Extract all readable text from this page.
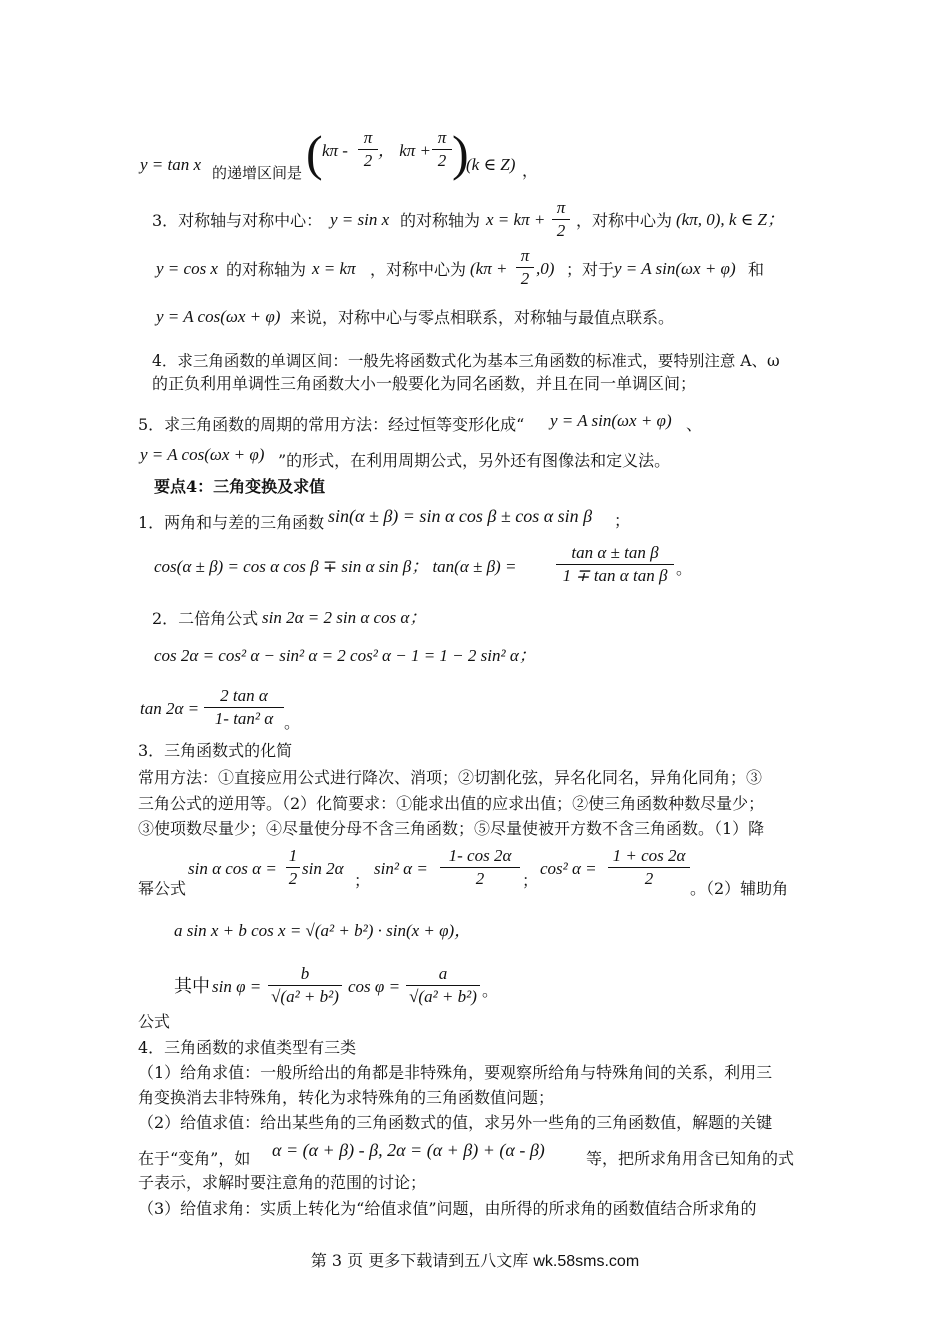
y = tan x 的递增区间是 ( kπ -
π
2
， kπ +
π
2 )
(k ∈ Z) ，
3．对称轴与对称中心： y = sin x 的对称轴为 x = kπ +
π
2
，对称中心为 (kπ, 0), k ∈ Z；
y = cos x 的对称轴为 x = kπ ，对称中心为 (kπ +
π
2
,0) ；对于 y = A sin(ωx + φ) 和
y = A cos(ωx + φ) 来说，对称中心与零点相联系，对称轴与最值点联系。
4．求三角函数的单调区间：一般先将函数式化为基本三角函数的标准式，要特别注意 A、ω
的正负利用单调性三角函数大小一般要化为同名函数，并且在同一单调区间；
5．求三角函数的周期的常用方法：经过恒等变形化成“ y = A sin(ωx + φ) 、
y = A cos(ωx + φ) ”的形式，在利用周期公式，另外还有图像法和定义法。
要点4：三角变换及求值
1．两角和与差的三角函数 sin(α ± β) = sin α cos β ± cos α sin β ；
cos(α ± β) = cos α cos β ∓ sin α sin β； tan(α ± β) =
tan α ± tan β
1 ∓ tan α tan β 。
2．二倍角公式 sin 2α = 2 sin α cos α；
cos 2α = cos² α − sin² α = 2 cos² α − 1 = 1 − 2 sin² α；
tan 2α =
2 tan α
1- tan² α 。
3．三角函数式的化简
常用方法：①直接应用公式进行降次、消项；②切割化弦，异名化同名，异角化同角；③
三角公式的逆用等。（2）化简要求：①能求出值的应求出值；②使三角函数种数尽量少；
③使项数尽量少；④尽量使分母不含三角函数；⑤尽量使被开方数不含三角函数。（1）降
sin α cos α =
1
2
sin 2α
；
sin² α =
1- cos 2α
2	；
cos² α =
1 + cos 2α
2
幂公式	。（2）辅助角
a sin x + b cos x = √(a² + b²) · sin(x + φ)，
其中 sin φ =
b
√(a² + b²)
cos φ =
a
√(a² + b²) 。
公式
4．三角函数的求值类型有三类
（1）给角求值：一般所给出的角都是非特殊角，要观察所给角与特殊角间的关系，利用三
角变换消去非特殊角，转化为求特殊角的三角函数值问题；
（2）给值求值：给出某些角的三角函数式的值，求另外一些角的三角函数值，解题的关键
在于“变角”，如 α = (α + β) - β, 2α = (α + β) + (α - β)	等，把所求角用含已知角的式
子表示，求解时要注意角的范围的讨论；
（3）给值求角：实质上转化为“给值求值”问题，由所得的所求角的函数值结合所求角的
第 3 页 更多下载请到五八文库 wk.58sms.com
